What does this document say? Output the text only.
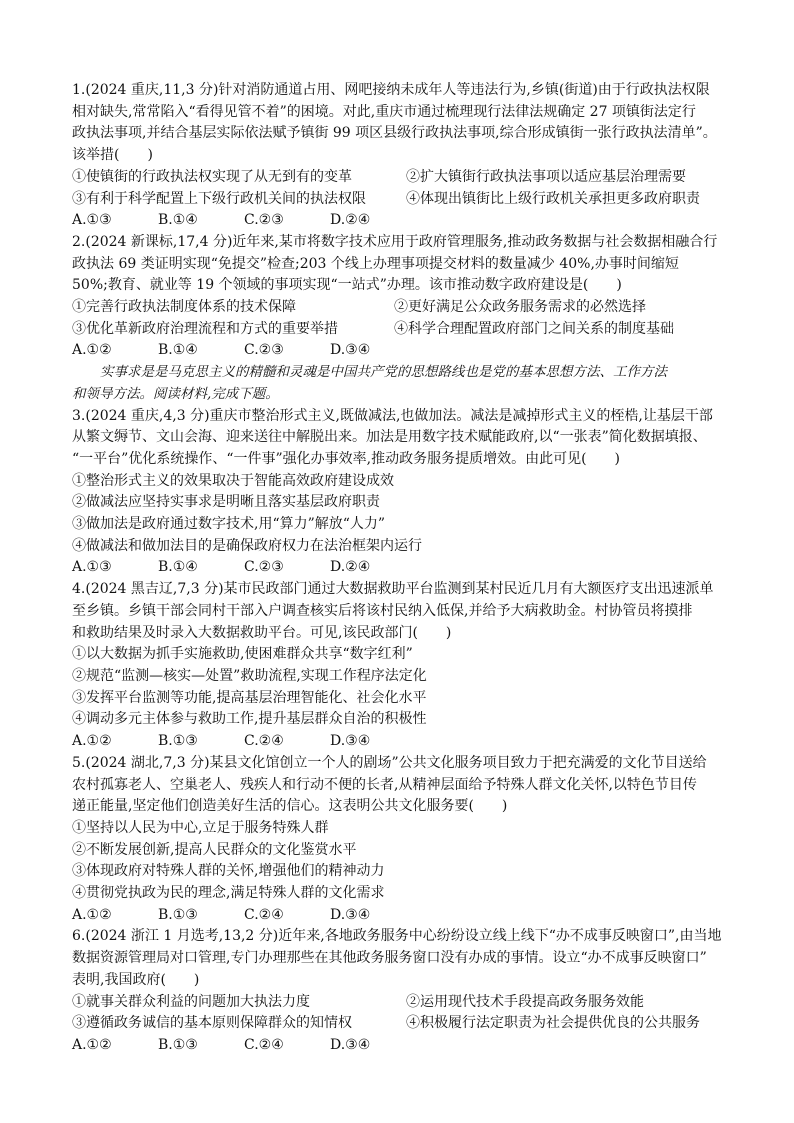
1.(2024 重庆,11,3 分)针对消防通道占用、网吧接纳未成年人等违法行为,乡镇(街道)由于行政执法权限
相对缺失,常常陷入“看得见管不着”的困境。对此,重庆市通过梳理现行法律法规确定 27 项镇街法定行
政执法事项,并结合基层实际依法赋予镇街 99 项区县级行政执法事项,综合形成镇街一张行政执法清单”。
该举措(　　)
①使镇街的行政执法权实现了从无到有的变革	②扩大镇街行政执法事项以适应基层治理需要
③有利于科学配置上下级行政机关间的执法权限	④体现出镇街比上级行政机关承担更多政府职责
A.①③	B.①④	C.②③	D.②④
2.(2024 新课标,17,4 分)近年来,某市将数字技术应用于政府管理服务,推动政务数据与社会数据相融合行
政执法 69 类证明实现“免提交”检查;203 个线上办理事项提交材料的数量减少 40%,办事时间缩短
50%;教育、就业等 19 个领域的事项实现“一站式”办理。该市推动数字政府建设是(　　)
①完善行政执法制度体系的技术保障	②更好满足公众政务服务需求的必然选择
③优化革新政府治理流程和方式的重要举措	④科学合理配置政府部门之间关系的制度基础
A.①②	B.①④	C.②③	D.③④
实事求是是马克思主义的精髓和灵魂是中国共产党的思想路线也是党的基本思想方法、工作方法
和领导方法。阅读材料,完成下题。
3.(2024 重庆,4,3 分)重庆市整治形式主义,既做减法,也做加法。减法是减掉形式主义的桎梏,让基层干部
从繁文缛节、文山会海、迎来送往中解脱出来。加法是用数字技术赋能政府,以“一张表”简化数据填报、
“一平台”优化系统操作、“一件事”强化办事效率,推动政务服务提质增效。由此可见(　　)
①整治形式主义的效果取决于智能高效政府建设成效
②做减法应坚持实事求是明晰且落实基层政府职责
③做加法是政府通过数字技术,用“算力”解放“人力”
④做减法和做加法目的是确保政府权力在法治框架内运行
A.①③	B.①④	C.②③	D.②④
4.(2024 黑吉辽,7,3 分)某市民政部门通过大数据救助平台监测到某村民近几月有大额医疗支出迅速派单
至乡镇。乡镇干部会同村干部入户调查核实后将该村民纳入低保,并给予大病救助金。村协管员将摸排
和救助结果及时录入大数据救助平台。可见,该民政部门(　　)
①以大数据为抓手实施救助,使困难群众共享“数字红利”
②规范“监测—核实—处置”救助流程,实现工作程序法定化
③发挥平台监测等功能,提高基层治理智能化、社会化水平
④调动多元主体参与救助工作,提升基层群众自治的积极性
A.①②	B.①③	C.②④	D.③④
5.(2024 湖北,7,3 分)某县文化馆创立一个人的剧场”公共文化服务项目致力于把充满爱的文化节目送给
农村孤寡老人、空巢老人、残疾人和行动不便的长者,从精神层面给予特殊人群文化关怀,以特色节目传
递正能量,坚定他们创造美好生活的信心。这表明公共文化服务要(　　)
①坚持以人民为中心,立足于服务特殊人群
②不断发展创新,提高人民群众的文化鉴赏水平
③体现政府对特殊人群的关怀,增强他们的精神动力
④贯彻党执政为民的理念,满足特殊人群的文化需求
A.①②	B.①③	C.②④	D.③④
6.(2024 浙江 1 月选考,13,2 分)近年来,各地政务服务中心纷纷设立线上线下“办不成事反映窗口”,由当地
数据资源管理局对口管理,专门办理那些在其他政务服务窗口没有办成的事情。设立“办不成事反映窗口”
表明,我国政府(　　)
①就事关群众利益的问题加大执法力度	②运用现代技术手段提高政务服务效能
③遵循政务诚信的基本原则保障群众的知情权	④积极履行法定职责为社会提供优良的公共服务
A.①②	B.①③	C.②④	D.③④
